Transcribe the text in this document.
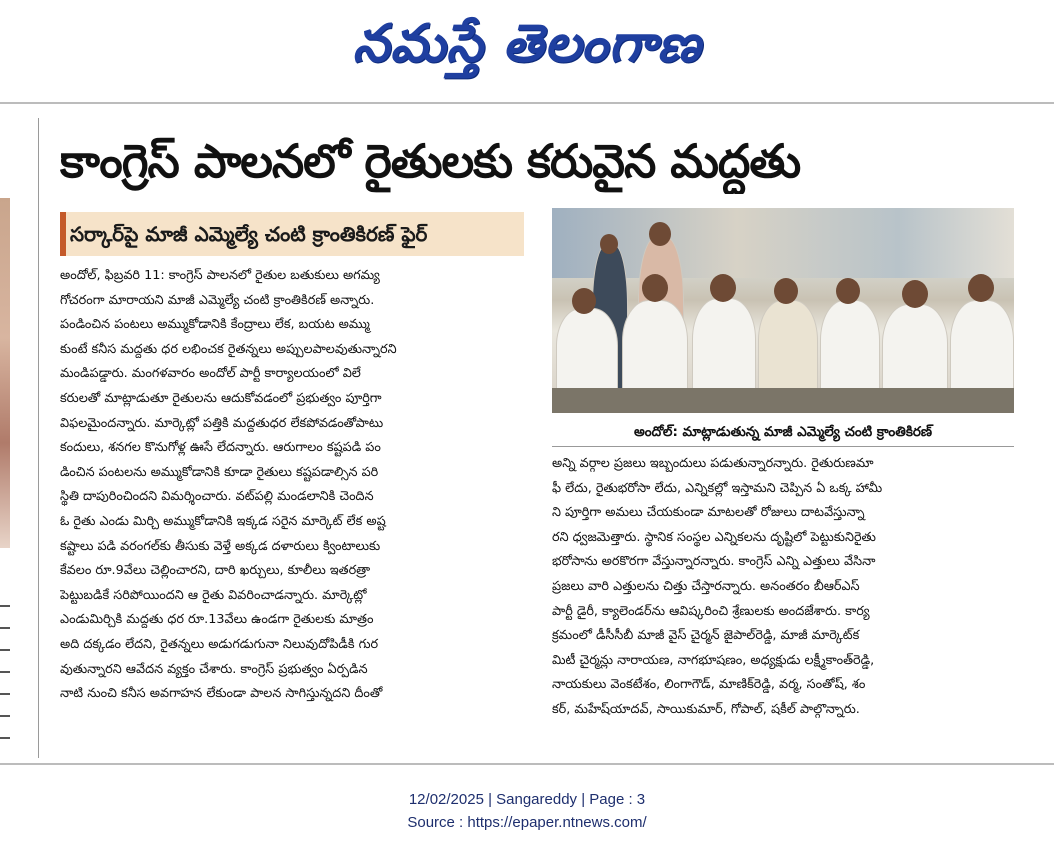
నమస్తే తెలంగాణ
కాంగ్రెస్ పాలనలో రైతులకు కరువైన మద్దతు
సర్కార్‌పై మాజీ ఎమ్మెల్యే చంటి క్రాంతికిరణ్ ఫైర్
అందోల్, ఫిబ్రవరి 11: కాంగ్రెస్ పాలనలో రైతుల బతుకులు అగమ్య
గోచరంగా మారాయని మాజీ ఎమ్మెల్యే చంటి క్రాంతికిరణ్ అన్నారు.
పండించిన పంటలు అమ్ముకోడానికి కేంద్రాలు లేక, బయట అమ్ము
కుంటే కనీస మద్దతు ధర లభించక రైతన్నలు అప్పులపాలవుతున్నారని
మండిపడ్డారు. మంగళవారం అందోల్ పార్టీ కార్యాలయంలో విలే
కరులతో మాట్లాడుతూ రైతులను ఆదుకోవడంలో ప్రభుత్వం పూర్తిగా
విఫలమైందన్నారు. మార్కెట్లో పత్తికి మద్దతుధర లేకపోవడంతోపాటు
కందులు, శనగల కొనుగోళ్ల ఊసే లేదన్నారు. ఆరుగాలం కష్టపడి పం
డించిన పంటలను అమ్ముకోడానికి కూడా రైతులు కష్టపడాల్సిన పరి
స్థితి దాపురించిందని విమర్శించారు. వట్‌పల్లి మండలానికి చెందిన
ఓ రైతు ఎండు మిర్చి అమ్ముకోడానికి ఇక్కడ సరైన మార్కెట్ లేక అష్ట
కష్టాలు పడి వరంగల్‌కు తీసుకు వెళ్తే అక్కడ దళారులు క్వింటాలుకు
కేవలం రూ.9వేలు చెల్లించారని, దారి ఖర్చులు, కూలీలు ఇతరత్రా
పెట్టుబడికే సరిపోయిందని ఆ రైతు వివరించాడన్నారు. మార్కెట్లో
ఎండుమిర్చికి మద్దతు ధర రూ.13వేలు ఉండగా రైతులకు మాత్రం
అది దక్కడం లేదని, రైతన్నలు అడుగడుగునా నిలువుదోపిడీకి గుర
వుతున్నారని ఆవేదన వ్యక్తం చేశారు. కాంగ్రెస్ ప్రభుత్వం ఏర్పడిన
నాటి నుంచి కనీస అవగాహన లేకుండా పాలన సాగిస్తున్నదని దీంతో
అందోల్: మాట్లాడుతున్న మాజీ ఎమ్మెల్యే చంటి క్రాంతికిరణ్
అన్ని వర్గాల ప్రజలు ఇబ్బందులు పడుతున్నారన్నారు. రైతురుణమా
ఫీ లేదు, రైతుభరోసా లేదు, ఎన్నికల్లో ఇస్తామని చెప్పిన ఏ ఒక్క హామీ
ని పూర్తిగా అమలు చేయకుండా మాటలతో రోజులు దాటవేస్తున్నా
రని ధ్వజమెత్తారు. స్థానిక సంస్థల ఎన్నికలను దృష్టిలో పెట్టుకునిరైతు
భరోసాను అరకొరగా వేస్తున్నారన్నారు. కాంగ్రెస్ ఎన్ని ఎత్తులు వేసినా
ప్రజలు వారి ఎత్తులను చిత్తు చేస్తారన్నారు. అనంతరం బీఆర్‌ఎస్
పార్టీ డైరీ, క్యాలెండర్‌ను ఆవిష్కరించి శ్రేణులకు అందజేశారు. కార్య
క్రమంలో డీసీసీబీ మాజీ వైస్ చైర్మన్ జైపాల్‌రెడ్డి, మాజీ మార్కెట్‌క
మిటీ చైర్మన్లు నారాయణ, నాగభూషణం, అధ్యక్షుడు లక్ష్మీకాంత్‌రెడ్డి,
నాయకులు వెంకటేశం, లింగాగౌడ్, మాణిక్‌రెడ్డి, వర్మ, సంతోష్, శం
కర్, మహేష్‌యాదవ్, సాయికుమార్, గోపాల్, షకీల్ పాల్గొన్నారు.
12/02/2025 | Sangareddy | Page : 3
Source : https://epaper.ntnews.com/
